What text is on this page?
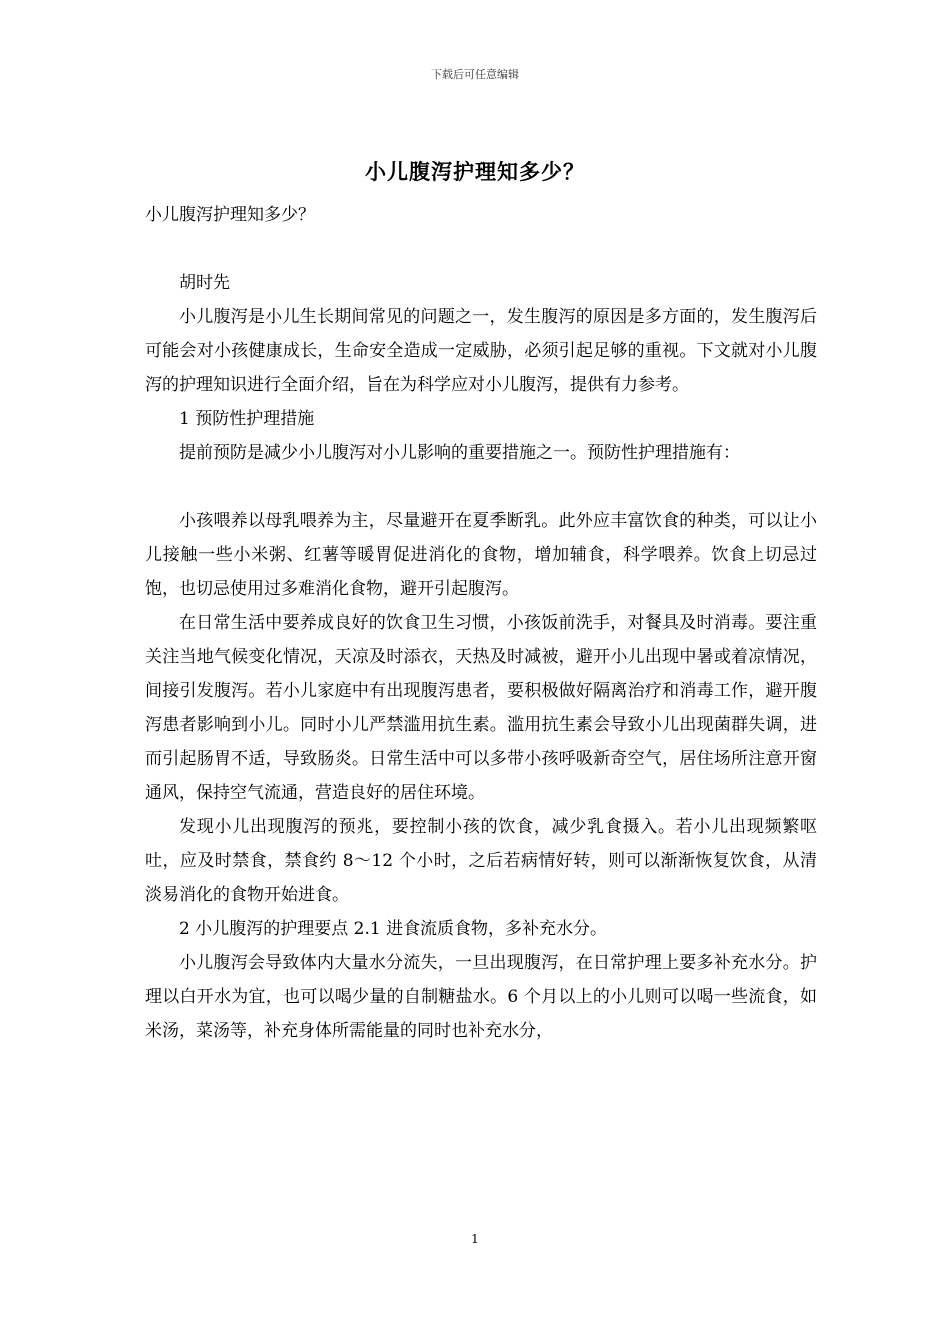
下载后可任意编辑
小儿腹泻护理知多少？

小儿腹泻护理知多少？

胡时先

小儿腹泻是小儿生长期间常见的问题之一，发生腹泻的原因是多方面的，发生腹泻后可能会对小孩健康成长，生命安全造成一定威胁，必须引起足够的重视。下文就对小儿腹泻的护理知识进行全面介绍，旨在为科学应对小儿腹泻，提供有力参考。

1 预防性护理措施

提前预防是减少小儿腹泻对小儿影响的重要措施之一。预防性护理措施有：

小孩喂养以母乳喂养为主，尽量避开在夏季断乳。此外应丰富饮食的种类，可以让小儿接触一些小米粥、红薯等暖胃促进消化的食物，增加辅食，科学喂养。饮食上切忌过饱，也切忌使用过多难消化食物，避开引起腹泻。

在日常生活中要养成良好的饮食卫生习惯，小孩饭前洗手，对餐具及时消毒。要注重关注当地气候变化情况，天凉及时添衣，天热及时减被，避开小儿出现中暑或着凉情况，间接引发腹泻。若小儿家庭中有出现腹泻患者，要积极做好隔离治疗和消毒工作，避开腹泻患者影响到小儿。同时小儿严禁滥用抗生素。滥用抗生素会导致小儿出现菌群失调，进而引起肠胃不适，导致肠炎。日常生活中可以多带小孩呼吸新奇空气，居住场所注意开窗通风，保持空气流通，营造良好的居住环境。

发现小儿出现腹泻的预兆，要控制小孩的饮食，减少乳食摄入。若小儿出现频繁呕吐，应及时禁食，禁食约 8～12 个小时，之后若病情好转，则可以渐渐恢复饮食，从清淡易消化的食物开始进食。

2 小儿腹泻的护理要点 2.1 进食流质食物，多补充水分。

小儿腹泻会导致体内大量水分流失，一旦出现腹泻，在日常护理上要多补充水分。护理以白开水为宜，也可以喝少量的自制糖盐水。6 个月以上的小儿则可以喝一些流食，如米汤，菜汤等，补充身体所需能量的同时也补充水分，

1
